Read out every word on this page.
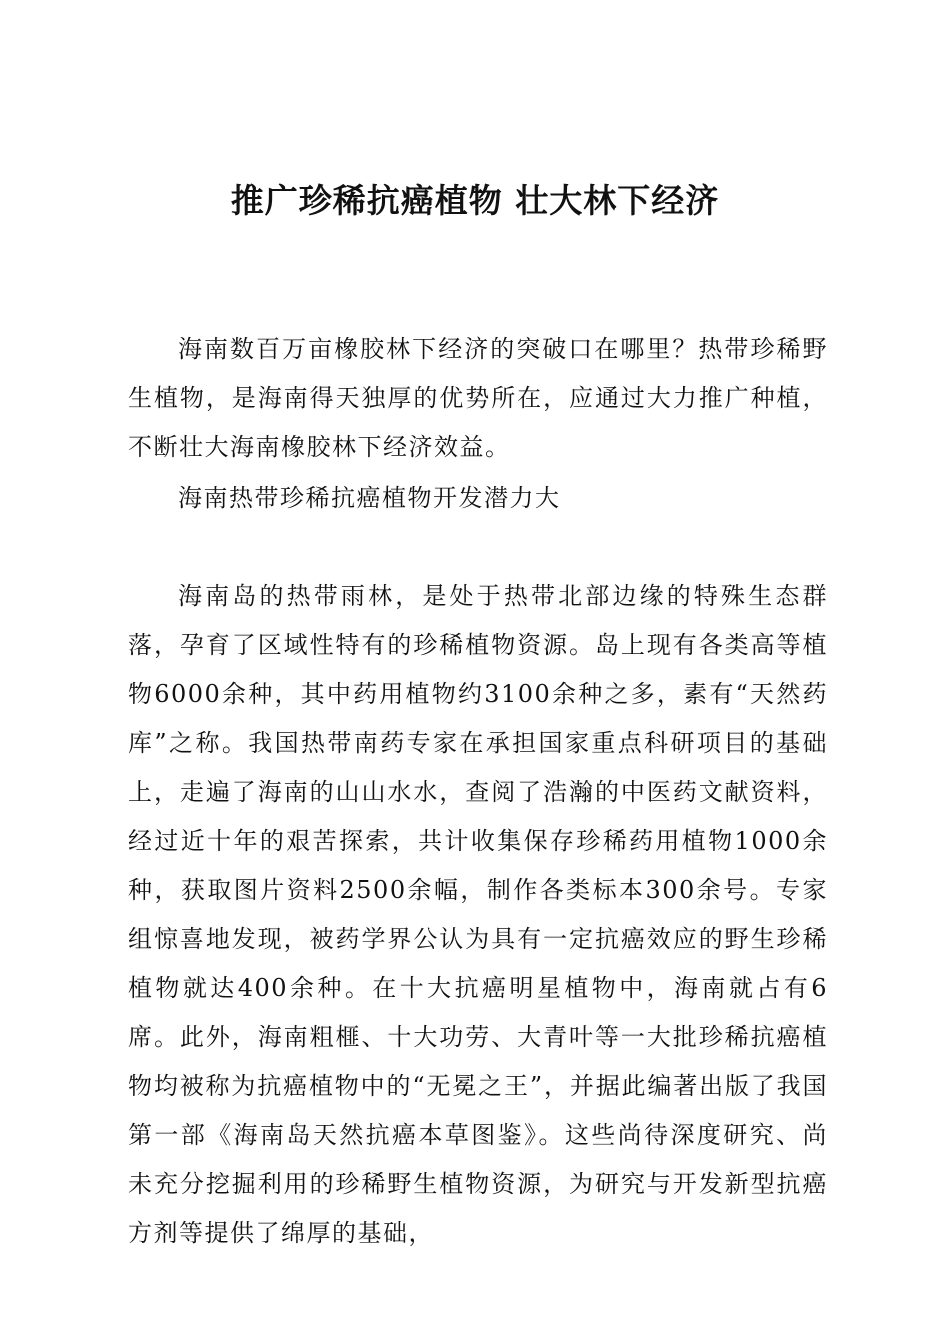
推广珍稀抗癌植物 壮大林下经济

海南数百万亩橡胶林下经济的突破口在哪里？热带珍稀野生植物，是海南得天独厚的优势所在，应通过大力推广种植，不断壮大海南橡胶林下经济效益。

海南热带珍稀抗癌植物开发潜力大

海南岛的热带雨林，是处于热带北部边缘的特殊生态群落，孕育了区域性特有的珍稀植物资源。岛上现有各类高等植物6000余种，其中药用植物约3100余种之多，素有“天然药库”之称。我国热带南药专家在承担国家重点科研项目的基础上，走遍了海南的山山水水，查阅了浩瀚的中医药文献资料，经过近十年的艰苦探索，共计收集保存珍稀药用植物1000余种，获取图片资料2500余幅，制作各类标本300余号。专家组惊喜地发现，被药学界公认为具有一定抗癌效应的野生珍稀植物就达400余种。在十大抗癌明星植物中，海南就占有6席。此外，海南粗榧、十大功劳、大青叶等一大批珍稀抗癌植物均被称为抗癌植物中的“无冕之王”，并据此编著出版了我国第一部《海南岛天然抗癌本草图鉴》。这些尚待深度研究、尚未充分挖掘利用的珍稀野生植物资源，为研究与开发新型抗癌方剂等提供了绵厚的基础，
